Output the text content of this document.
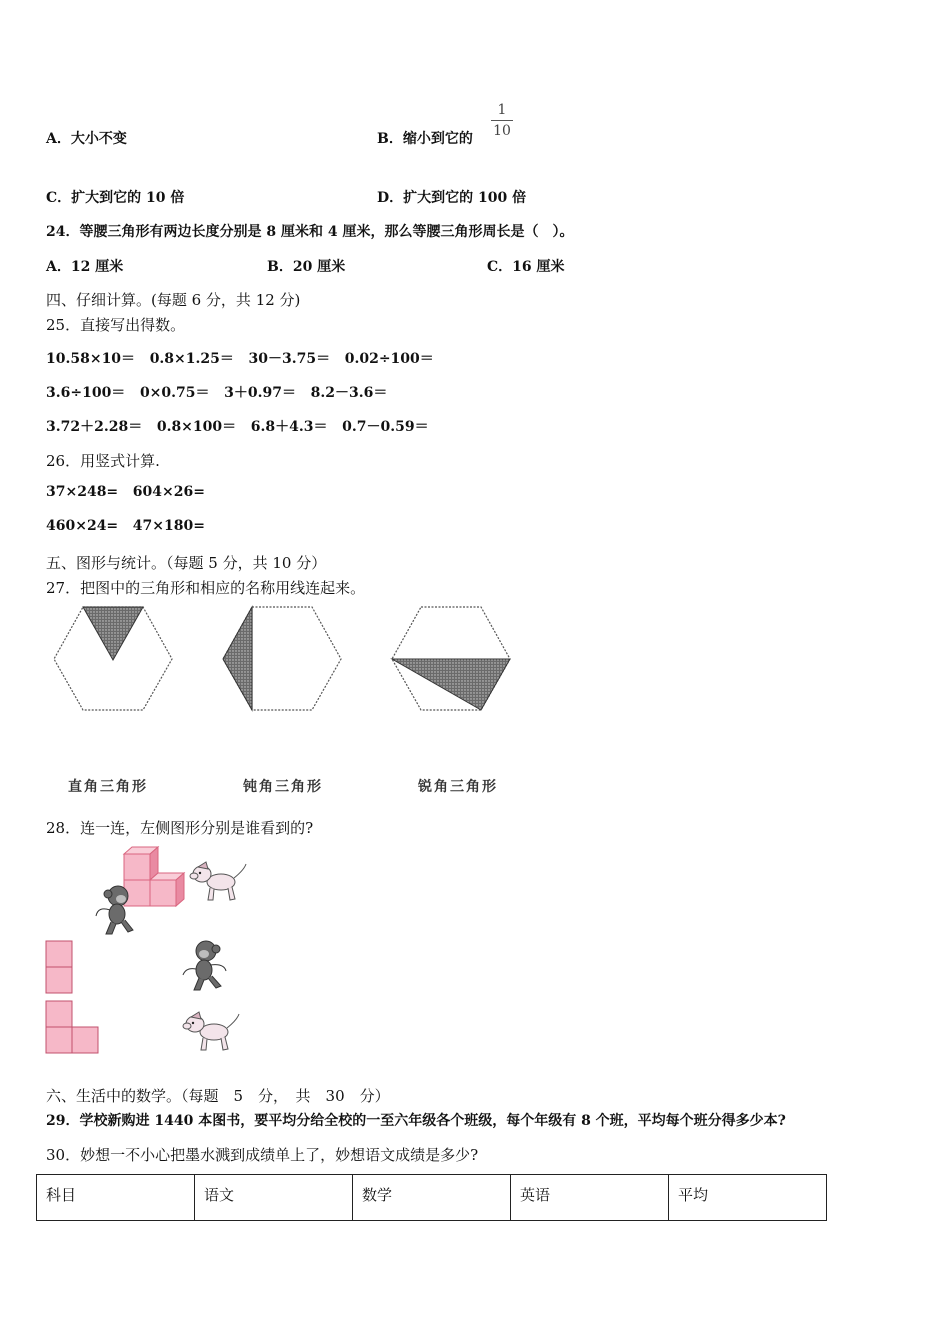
A．大小不变	B．缩小到它的
1
10
C．扩大到它的 10 倍	D．扩大到它的 100 倍
24．等腰三角形有两边长度分别是 8 厘米和 4 厘米，那么等腰三角形周长是（　）。
A．12 厘米	B．20 厘米	C．16 厘米
四、仔细计算。(每题 6 分，共 12 分)
25．直接写出得数。
10.58×10＝ 0.8×1.25＝ 30－3.75＝ 0.02÷100＝
3.6÷100＝ 0×0.75＝ 3＋0.97＝ 8.2－3.6＝
3.72＋2.28＝ 0.8×100＝ 6.8＋4.3＝ 0.7－0.59＝
26．用竖式计算.
37×248= 604×26=
460×24= 47×180=
五、图形与统计。（每题 5 分，共 10 分）
27．把图中的三角形和相应的名称用线连起来。
直角三角形	钝角三角形	锐角三角形
28．连一连，左侧图形分别是谁看到的?
六、生活中的数学。（每题　5　分，　共　30　分）
29．学校新购进 1440 本图书，要平均分给全校的一至六年级各个班级，每个年级有 8 个班，平均每个班分得多少本?
30．妙想一不小心把墨水溅到成绩单上了，妙想语文成绩是多少?
科目	语文	数学	英语	平均
